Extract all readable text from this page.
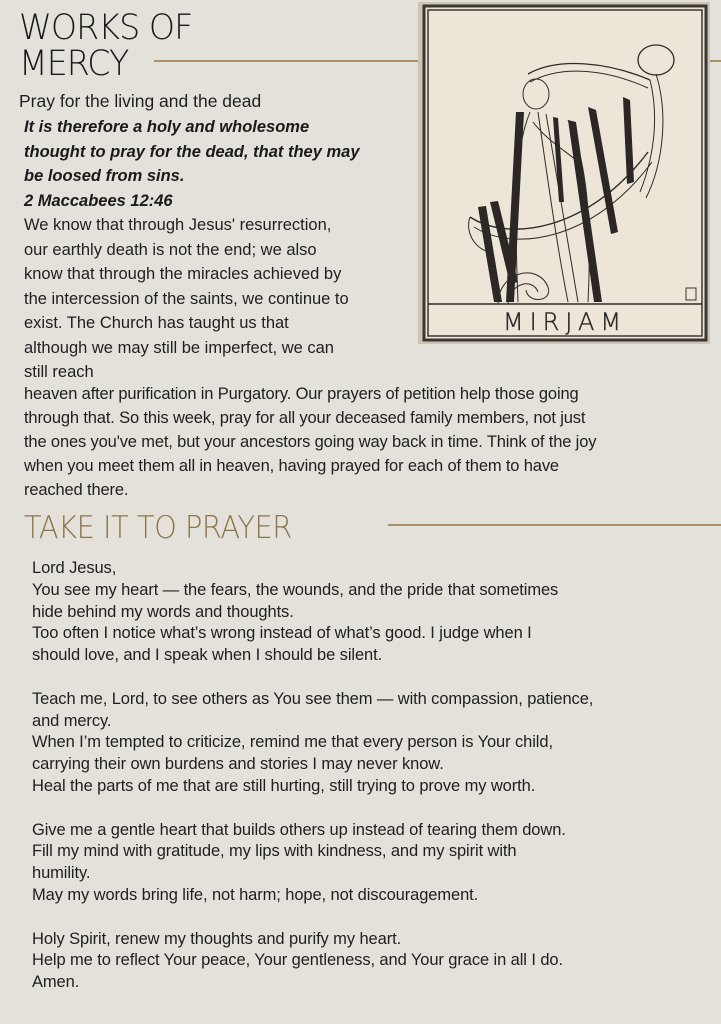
WORKS OF
MERCY
Pray for the living and the dead
It is therefore a holy and wholesome
thought to pray for the dead, that they may
be loosed from sins.
2 Maccabees 12:46
We know that through Jesus' resurrection,
our earthly death is not the end; we also
know that through the miracles achieved by
the intercession of the saints, we continue to
exist. The Church has taught us that
although we may still be imperfect, we can
still reach
heaven after purification in Purgatory. Our prayers of petition help those going
through that. So this week, pray for all your deceased family members, not just
the ones you've met, but your ancestors going way back in time. Think of the joy
when you meet them all in heaven, having prayed for each of them to have
reached there.
MIRJAM
TAKE IT TO PRAYER
Lord Jesus,
You see my heart — the fears, the wounds, and the pride that sometimes
hide behind my words and thoughts.
Too often I notice what’s wrong instead of what’s good. I judge when I
should love, and I speak when I should be silent.
Teach me, Lord, to see others as You see them — with compassion, patience,
and mercy.
When I’m tempted to criticize, remind me that every person is Your child,
carrying their own burdens and stories I may never know.
Heal the parts of me that are still hurting, still trying to prove my worth.
Give me a gentle heart that builds others up instead of tearing them down.
Fill my mind with gratitude, my lips with kindness, and my spirit with
humility.
May my words bring life, not harm; hope, not discouragement.
Holy Spirit, renew my thoughts and purify my heart.
Help me to reflect Your peace, Your gentleness, and Your grace in all I do.
Amen.
